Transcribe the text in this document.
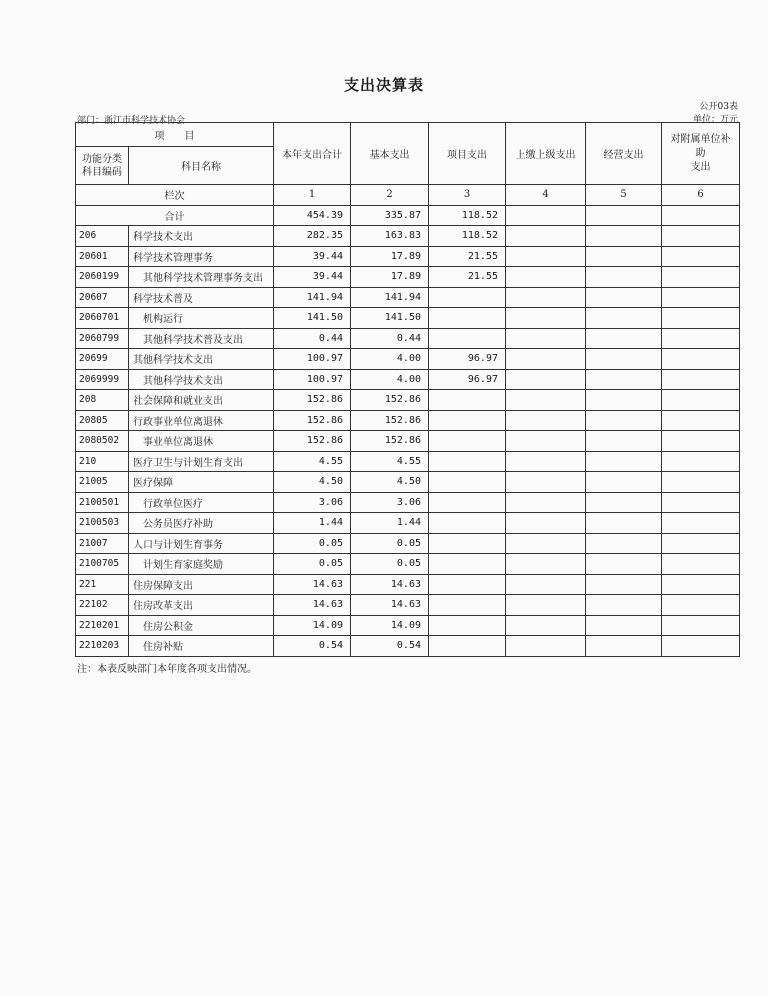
支出决算表
公开03表
单位：万元
部门：浙江市科学技术协会
项　　目		本年支出合计	基本支出	项目支出	上缴上级支出	经营支出	对附属单位补助
支出
功能分类
科目编码	科目名称						
栏次		1	2	3	4	5	6
合计		454.39	335.87	118.52			
206	科学技术支出	282.35	163.83	118.52			
20601	科学技术管理事务	39.44	17.89	21.55			
2060199	其他科学技术管理事务支出	39.44	17.89	21.55			
20607	科学技术普及	141.94	141.94				
2060701	机构运行	141.50	141.50				
2060799	其他科学技术普及支出	0.44	0.44				
20699	其他科学技术支出	100.97	4.00	96.97			
2069999	其他科学技术支出	100.97	4.00	96.97			
208	社会保障和就业支出	152.86	152.86				
20805	行政事业单位离退休	152.86	152.86				
2080502	事业单位离退休	152.86	152.86				
210	医疗卫生与计划生育支出	4.55	4.55				
21005	医疗保障	4.50	4.50				
2100501	行政单位医疗	3.06	3.06				
2100503	公务员医疗补助	1.44	1.44				
21007	人口与计划生育事务	0.05	0.05				
2100705	计划生育家庭奖励	0.05	0.05				
221	住房保障支出	14.63	14.63				
22102	住房改革支出	14.63	14.63				
2210201	住房公积金	14.09	14.09				
2210203	住房补贴	0.54	0.54				
注：本表反映部门本年度各项支出情况。
